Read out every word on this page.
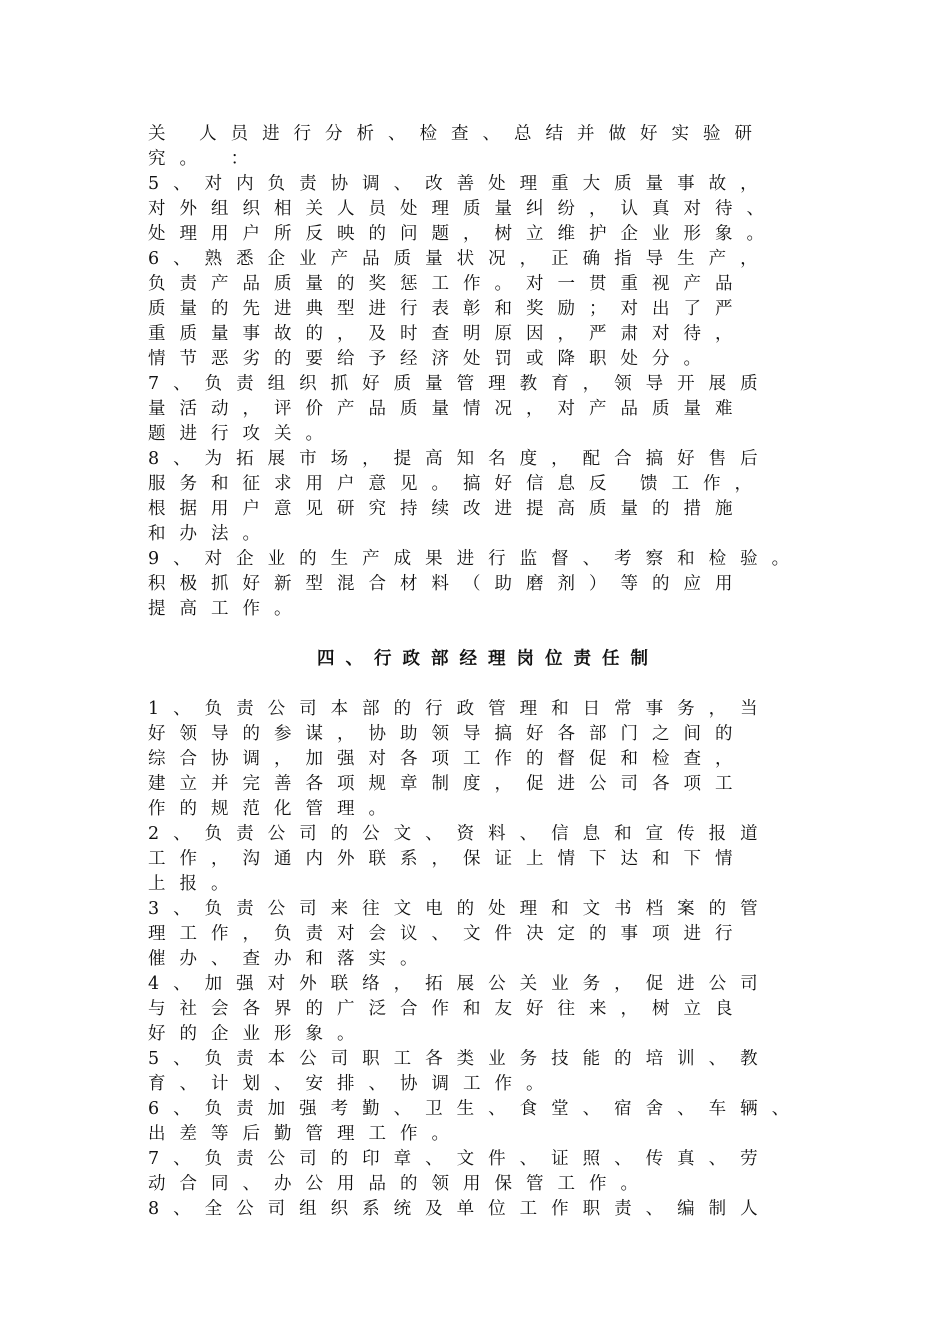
关 人员进行分析、检查、总结并做好实验研
究。 ：
5、对内负责协调、改善处理重大质量事故，
对外组织相关人员处理质量纠纷，认真对待、
处理用户所反映的问题，树立维护企业形象。
6、熟悉企业产品质量状况，正确指导生产，
负责产品质量的奖惩工作。对一贯重视产品
质量的先进典型进行表彰和奖励；对出了严
重质量事故的，及时查明原因，严肃对待，
情节恶劣的要给予经济处罚或降职处分。
7、负责组织抓好质量管理教育，领导开展质
量活动，评价产品质量情况，对产品质量难
题进行攻关。
8、为拓展市场，提高知名度，配合搞好售后
服务和征求用户意见。搞好信息反 馈工作，
根据用户意见研究持续改进提高质量的措施
和办法。
9、对企业的生产成果进行监督、考察和检验。
积极抓好新型混合材料（助磨剂）等的应用
提高工作。
四、行政部经理岗位责任制
1、负责公司本部的行政管理和日常事务，当
好领导的参谋，协助领导搞好各部门之间的
综合协调，加强对各项工作的督促和检查，
建立并完善各项规章制度，促进公司各项工
作的规范化管理。
2、负责公司的公文、资料、信息和宣传报道
工作，沟通内外联系，保证上情下达和下情
上报。
3、负责公司来往文电的处理和文书档案的管
理工作，负责对会议、文件决定的事项进行
催办、查办和落实。
4、加强对外联络，拓展公关业务，促进公司
与社会各界的广泛合作和友好往来，树立良
好的企业形象。
5、负责本公司职工各类业务技能的培训、教
育、计划、安排、协调工作。
6、负责加强考勤、卫生、食堂、宿舍、车辆、
出差等后勤管理工作。
7、负责公司的印章、文件、证照、传真、劳
动合同、办公用品的领用保管工作。
8、全公司组织系统及单位工作职责、编制人
